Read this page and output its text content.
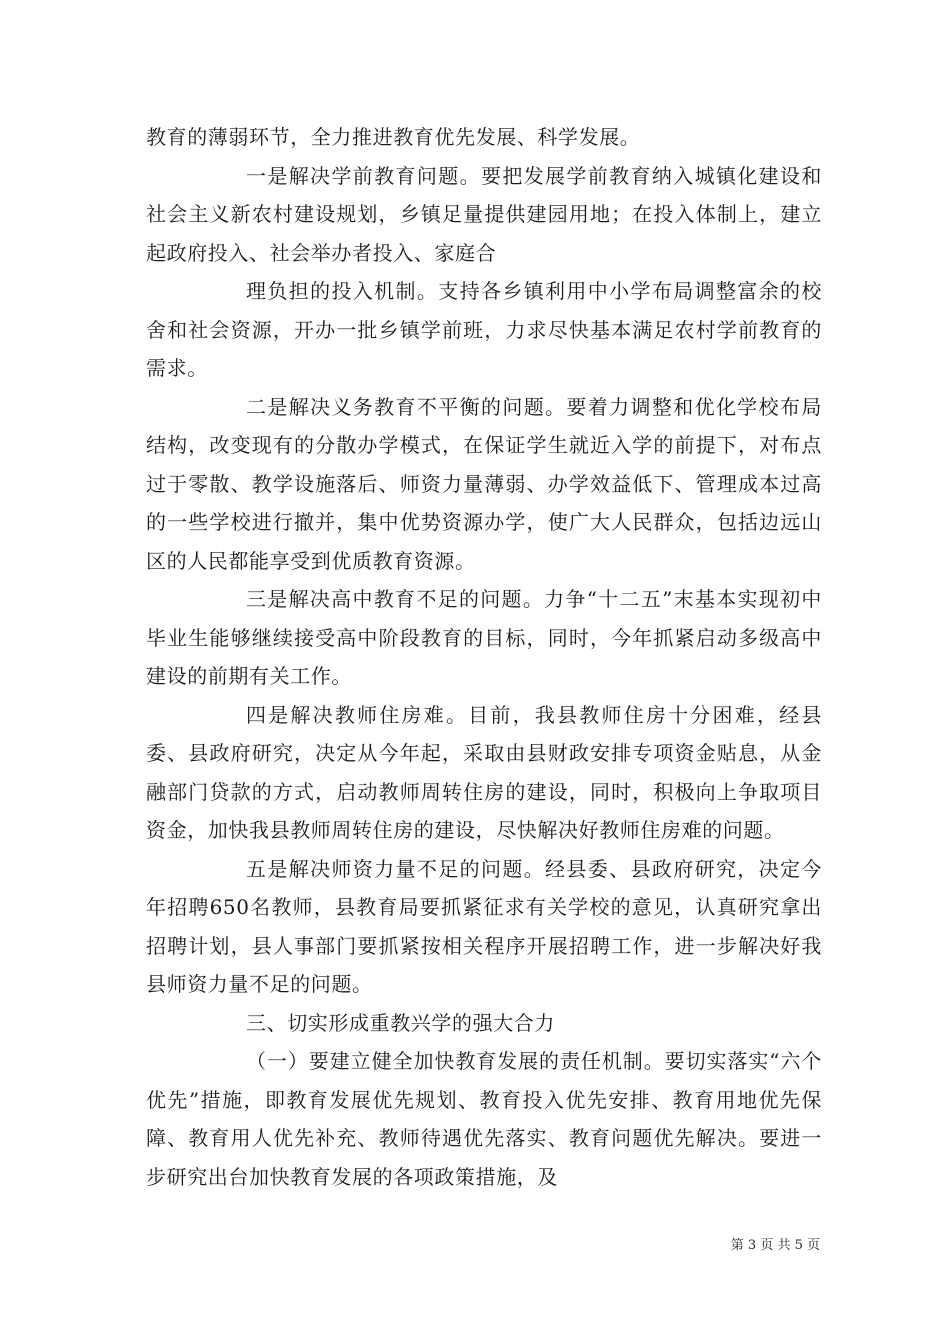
教育的薄弱环节，全力推进教育优先发展、科学发展。

一是解决学前教育问题。要把发展学前教育纳入城镇化建设和社会主义新农村建设规划，乡镇足量提供建园用地；在投入体制上，建立起政府投入、社会举办者投入、家庭合

理负担的投入机制。支持各乡镇利用中小学布局调整富余的校舍和社会资源，开办一批乡镇学前班，力求尽快基本满足农村学前教育的需求。

二是解决义务教育不平衡的问题。要着力调整和优化学校布局结构，改变现有的分散办学模式，在保证学生就近入学的前提下，对布点过于零散、教学设施落后、师资力量薄弱、办学效益低下、管理成本过高的一些学校进行撤并，集中优势资源办学，使广大人民群众，包括边远山区的人民都能享受到优质教育资源。

三是解决高中教育不足的问题。力争“十二五”末基本实现初中毕业生能够继续接受高中阶段教育的目标，同时，今年抓紧启动多级高中建设的前期有关工作。

四是解决教师住房难。目前，我县教师住房十分困难，经县委、县政府研究，决定从今年起，采取由县财政安排专项资金贴息，从金融部门贷款的方式，启动教师周转住房的建设，同时，积极向上争取项目资金，加快我县教师周转住房的建设，尽快解决好教师住房难的问题。

五是解决师资力量不足的问题。经县委、县政府研究，决定今年招聘650名教师，县教育局要抓紧征求有关学校的意见，认真研究拿出招聘计划，县人事部门要抓紧按相关程序开展招聘工作，进一步解决好我县师资力量不足的问题。

三、切实形成重教兴学的强大合力

（一）要建立健全加快教育发展的责任机制。要切实落实“六个优先”措施，即教育发展优先规划、教育投入优先安排、教育用地优先保障、教育用人优先补充、教师待遇优先落实、教育问题优先解决。要进一步研究出台加快教育发展的各项政策措施，及

第 3 页 共 5 页
